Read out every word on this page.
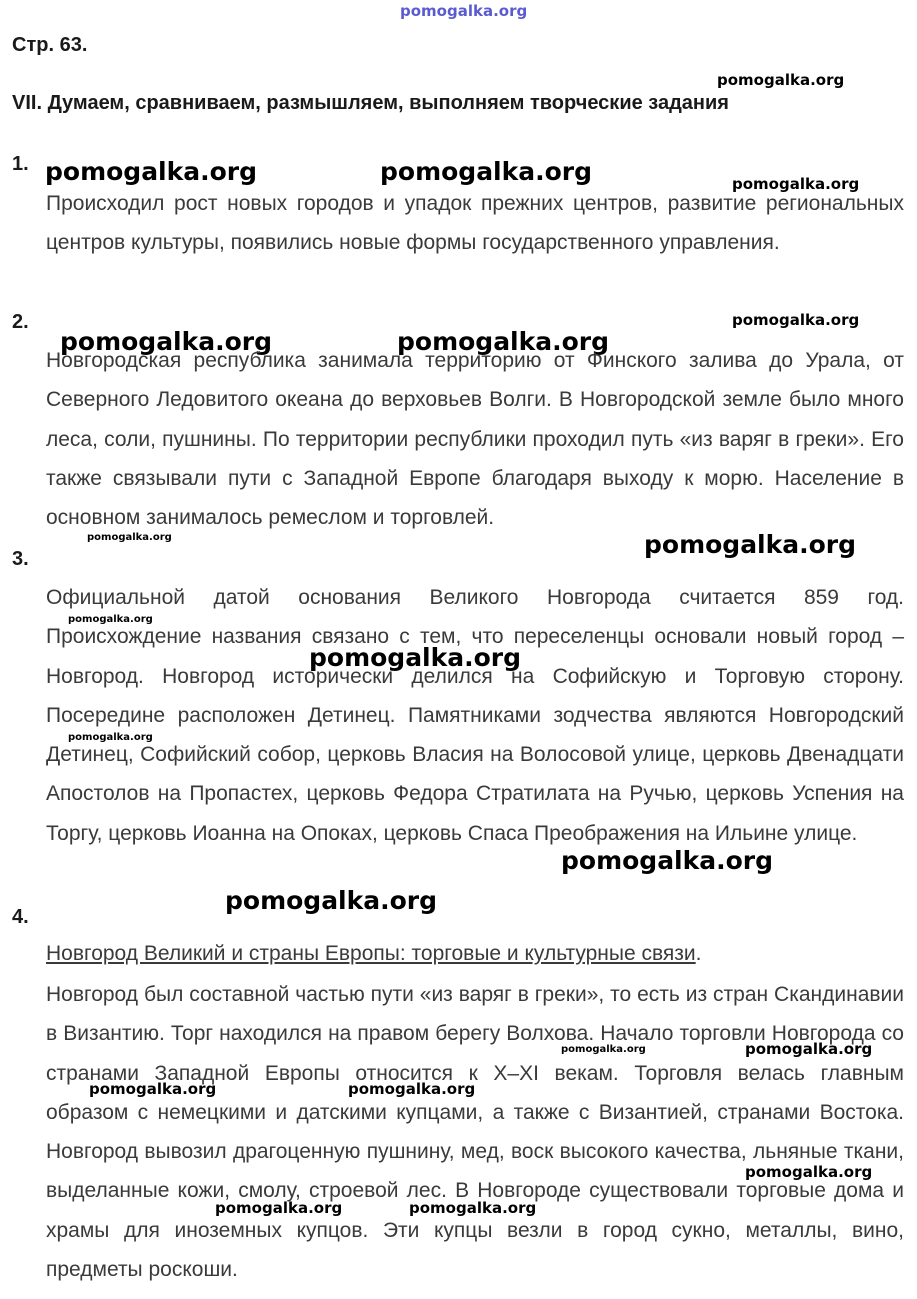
pomogalka.org
Стр. 63.
pomogalka.org
VII. Думаем, сравниваем, размышляем, выполняем творческие задания
1. pomogalka.org	pomogalka.org	pomogalka.org

Происходил рост новых городов и упадок прежних центров, развитие региональных центров культуры, появились новые формы государственного управления.

2.
pomogalka.org	pomogalka.org
pomogalka.org

Новгородская республика занимала территорию от Финского залива до Урала, от Северного Ледовитого океана до верховьев Волги. В Новгородской земле было много леса, соли, пушнины. По территории республики проходил путь «из варяг в греки». Его также связывали пути с Западной Европе благодаря выходу к морю. Население в основном занималось ремеслом и торговлей.

pomogalka.org
3.	pomogalka.org

Официальной датой основания Великого Новгорода считается 859 год. Происхождение названия связано с тем, что переселенцы основали новый город – Новгород. Новгород исторически делился на Софийскую и Торговую сторону. Посередине расположен Детинец. Памятниками зодчества являются Новгородский Детинец, Софийский собор, церковь Власия на Волосовой улице, церковь Двенадцати Апостолов на Пропастех, церковь Федора Стратилата на Ручью, церковь Успения на Торгу, церковь Иоанна на Опоках, церковь Спаса Преображения на Ильине улице.

pomogalka.org
pomogalka.org
pomogalka.org
pomogalka.org
4.
pomogalka.org
Новгород Великий и страны Европы: торговые и культурные связи.

Новгород был составной частью пути «из варяг в греки», то есть из стран Скандинавии в Византию. Торг находился на правом берегу Волхова. Начало торговли Новгорода со странами Западной Европы относится к X–XI векам. Торговля велась главным образом с немецкими и датскими купцами, а также с Византией, странами Востока. Новгород вывозил драгоценную пушнину, мед, воск высокого качества, льняные ткани, выделанные кожи, смолу, строевой лес. В Новгороде существовали торговые дома и храмы для иноземных купцов. Эти купцы везли в город сукно, металлы, вино, предметы роскоши.

pomogalka.org	pomogalka.org
pomogalka.org	pomogalka.org
pomogalka.org
pomogalka.org	pomogalka.org
